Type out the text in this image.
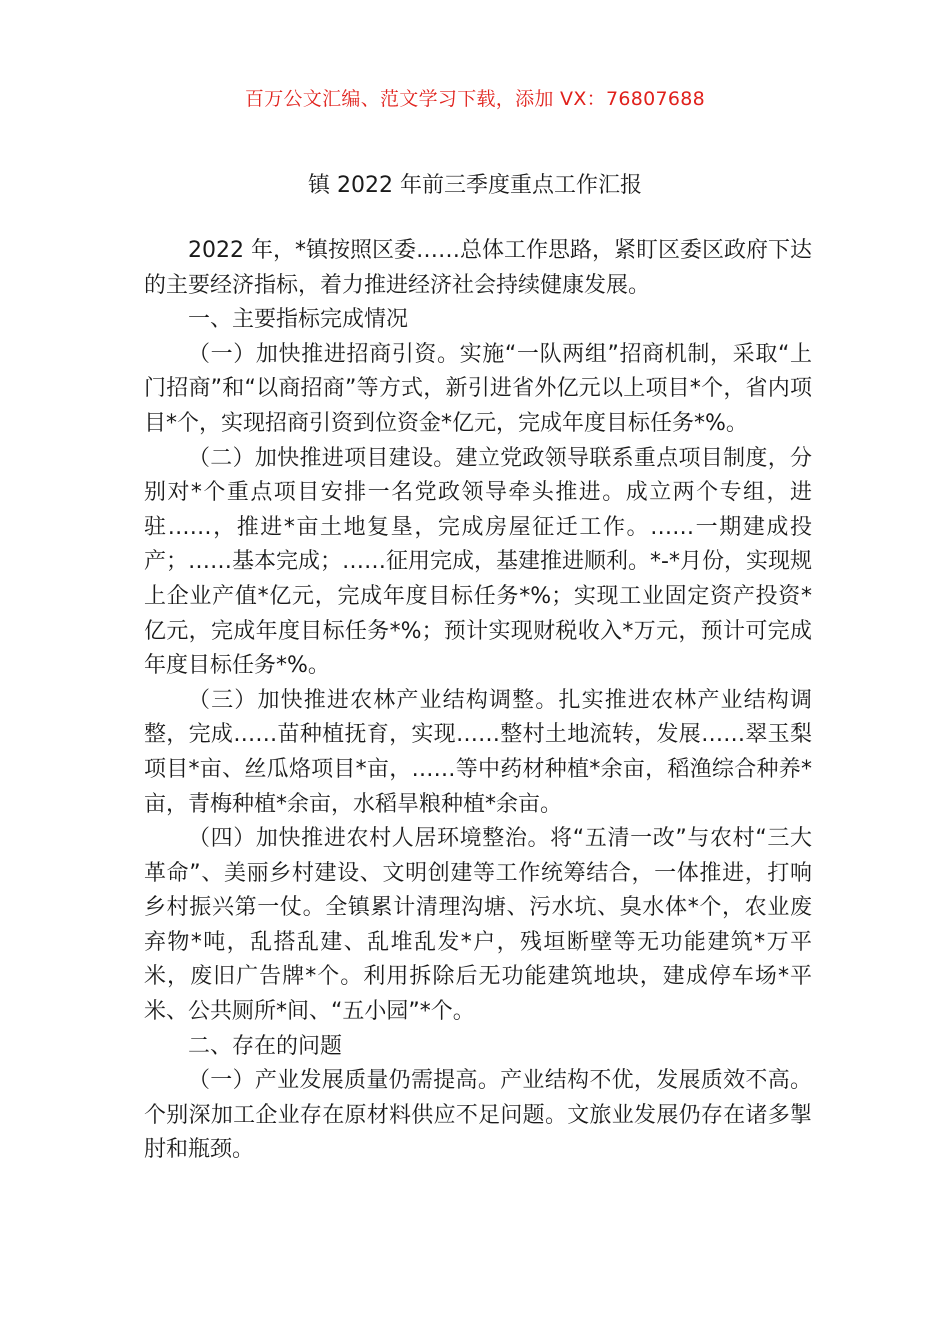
百万公文汇编、范文学习下载，添加 VX：76807688
镇 2022 年前三季度重点工作汇报

2022 年，*镇按照区委……总体工作思路，紧盯区委区政府下达的主要经济指标，着力推进经济社会持续健康发展。

一、主要指标完成情况

（一）加快推进招商引资。实施“一队两组”招商机制，采取“上门招商”和“以商招商”等方式，新引进省外亿元以上项目*个，省内项目*个，实现招商引资到位资金*亿元，完成年度目标任务*%。

（二）加快推进项目建设。建立党政领导联系重点项目制度，分别对*个重点项目安排一名党政领导牵头推进。成立两个专组，进驻……，推进*亩土地复垦，完成房屋征迁工作。……一期建成投产；……基本完成；……征用完成，基建推进顺利。*-*月份，实现规上企业产值*亿元，完成年度目标任务*%；实现工业固定资产投资*亿元，完成年度目标任务*%；预计实现财税收入*万元，预计可完成年度目标任务*%。

（三）加快推进农林产业结构调整。扎实推进农林产业结构调整，完成……苗种植抚育，实现……整村土地流转，发展……翠玉梨项目*亩、丝瓜烙项目*亩，……等中药材种植*余亩，稻渔综合种养*亩，青梅种植*余亩，水稻旱粮种植*余亩。

（四）加快推进农村人居环境整治。将“五清一改”与农村“三大革命”、美丽乡村建设、文明创建等工作统筹结合，一体推进，打响乡村振兴第一仗。全镇累计清理沟塘、污水坑、臭水体*个，农业废弃物*吨，乱搭乱建、乱堆乱发*户，残垣断壁等无功能建筑*万平米，废旧广告牌*个。利用拆除后无功能建筑地块，建成停车场*平米、公共厕所*间、“五小园”*个。

二、存在的问题

（一）产业发展质量仍需提高。产业结构不优，发展质效不高。个别深加工企业存在原材料供应不足问题。文旅业发展仍存在诸多掣肘和瓶颈。
